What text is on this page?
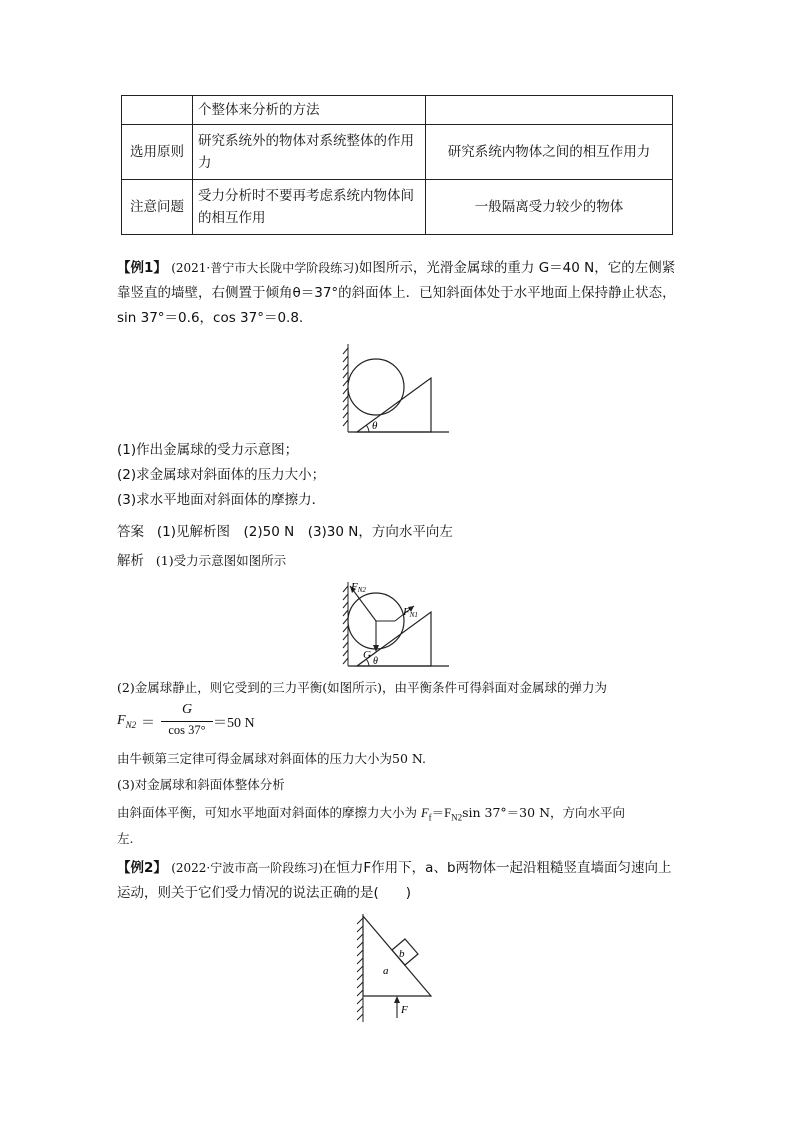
	个整体来分析的方法	
选用原则	研究系统外的物体对系统整体的作用力	研究系统内物体之间的相互作用力
注意问题	受力分析时不要再考虑系统内物体间的相互作用	一般隔离受力较少的物体
【例1】 (2021·普宁市大长陇中学阶段练习)如图所示，光滑金属球的重力 G＝40 N，它的左侧紧靠竖直的墙壁，右侧置于倾角θ＝37°的斜面体上．已知斜面体处于水平地面上保持静止状态，sin 37°＝0.6，cos 37°＝0.8.
θ
(1)作出金属球的受力示意图；
(2)求金属球对斜面体的压力大小；
(3)求水平地面对斜面体的摩擦力．
答案 (1)见解析图　(2)50 N　(3)30 N，方向水平向左
解析 (1)受力示意图如图所示
FN2
FN1
G
θ
(2)金属球静止，则它受到的三力平衡(如图所示)，由平衡条件可得斜面对金属球的弹力为
$F_{N2}$ ＝
G
cos 37° ＝50 N
由牛顿第三定律可得金属球对斜面体的压力大小为50 N.
(3)对金属球和斜面体整体分析
由斜面体平衡，可知水平地面对斜面体的摩擦力大小为 $F_f=F_{N2}\sin$ 37°＝30 N，方向水平向
左.
【例2】 (2022·宁波市高一阶段练习)在恒力F作用下，a、b两物体一起沿粗糙竖直墙面匀速向上运动，则关于它们受力情况的说法正确的是(　　)
b
a
F
